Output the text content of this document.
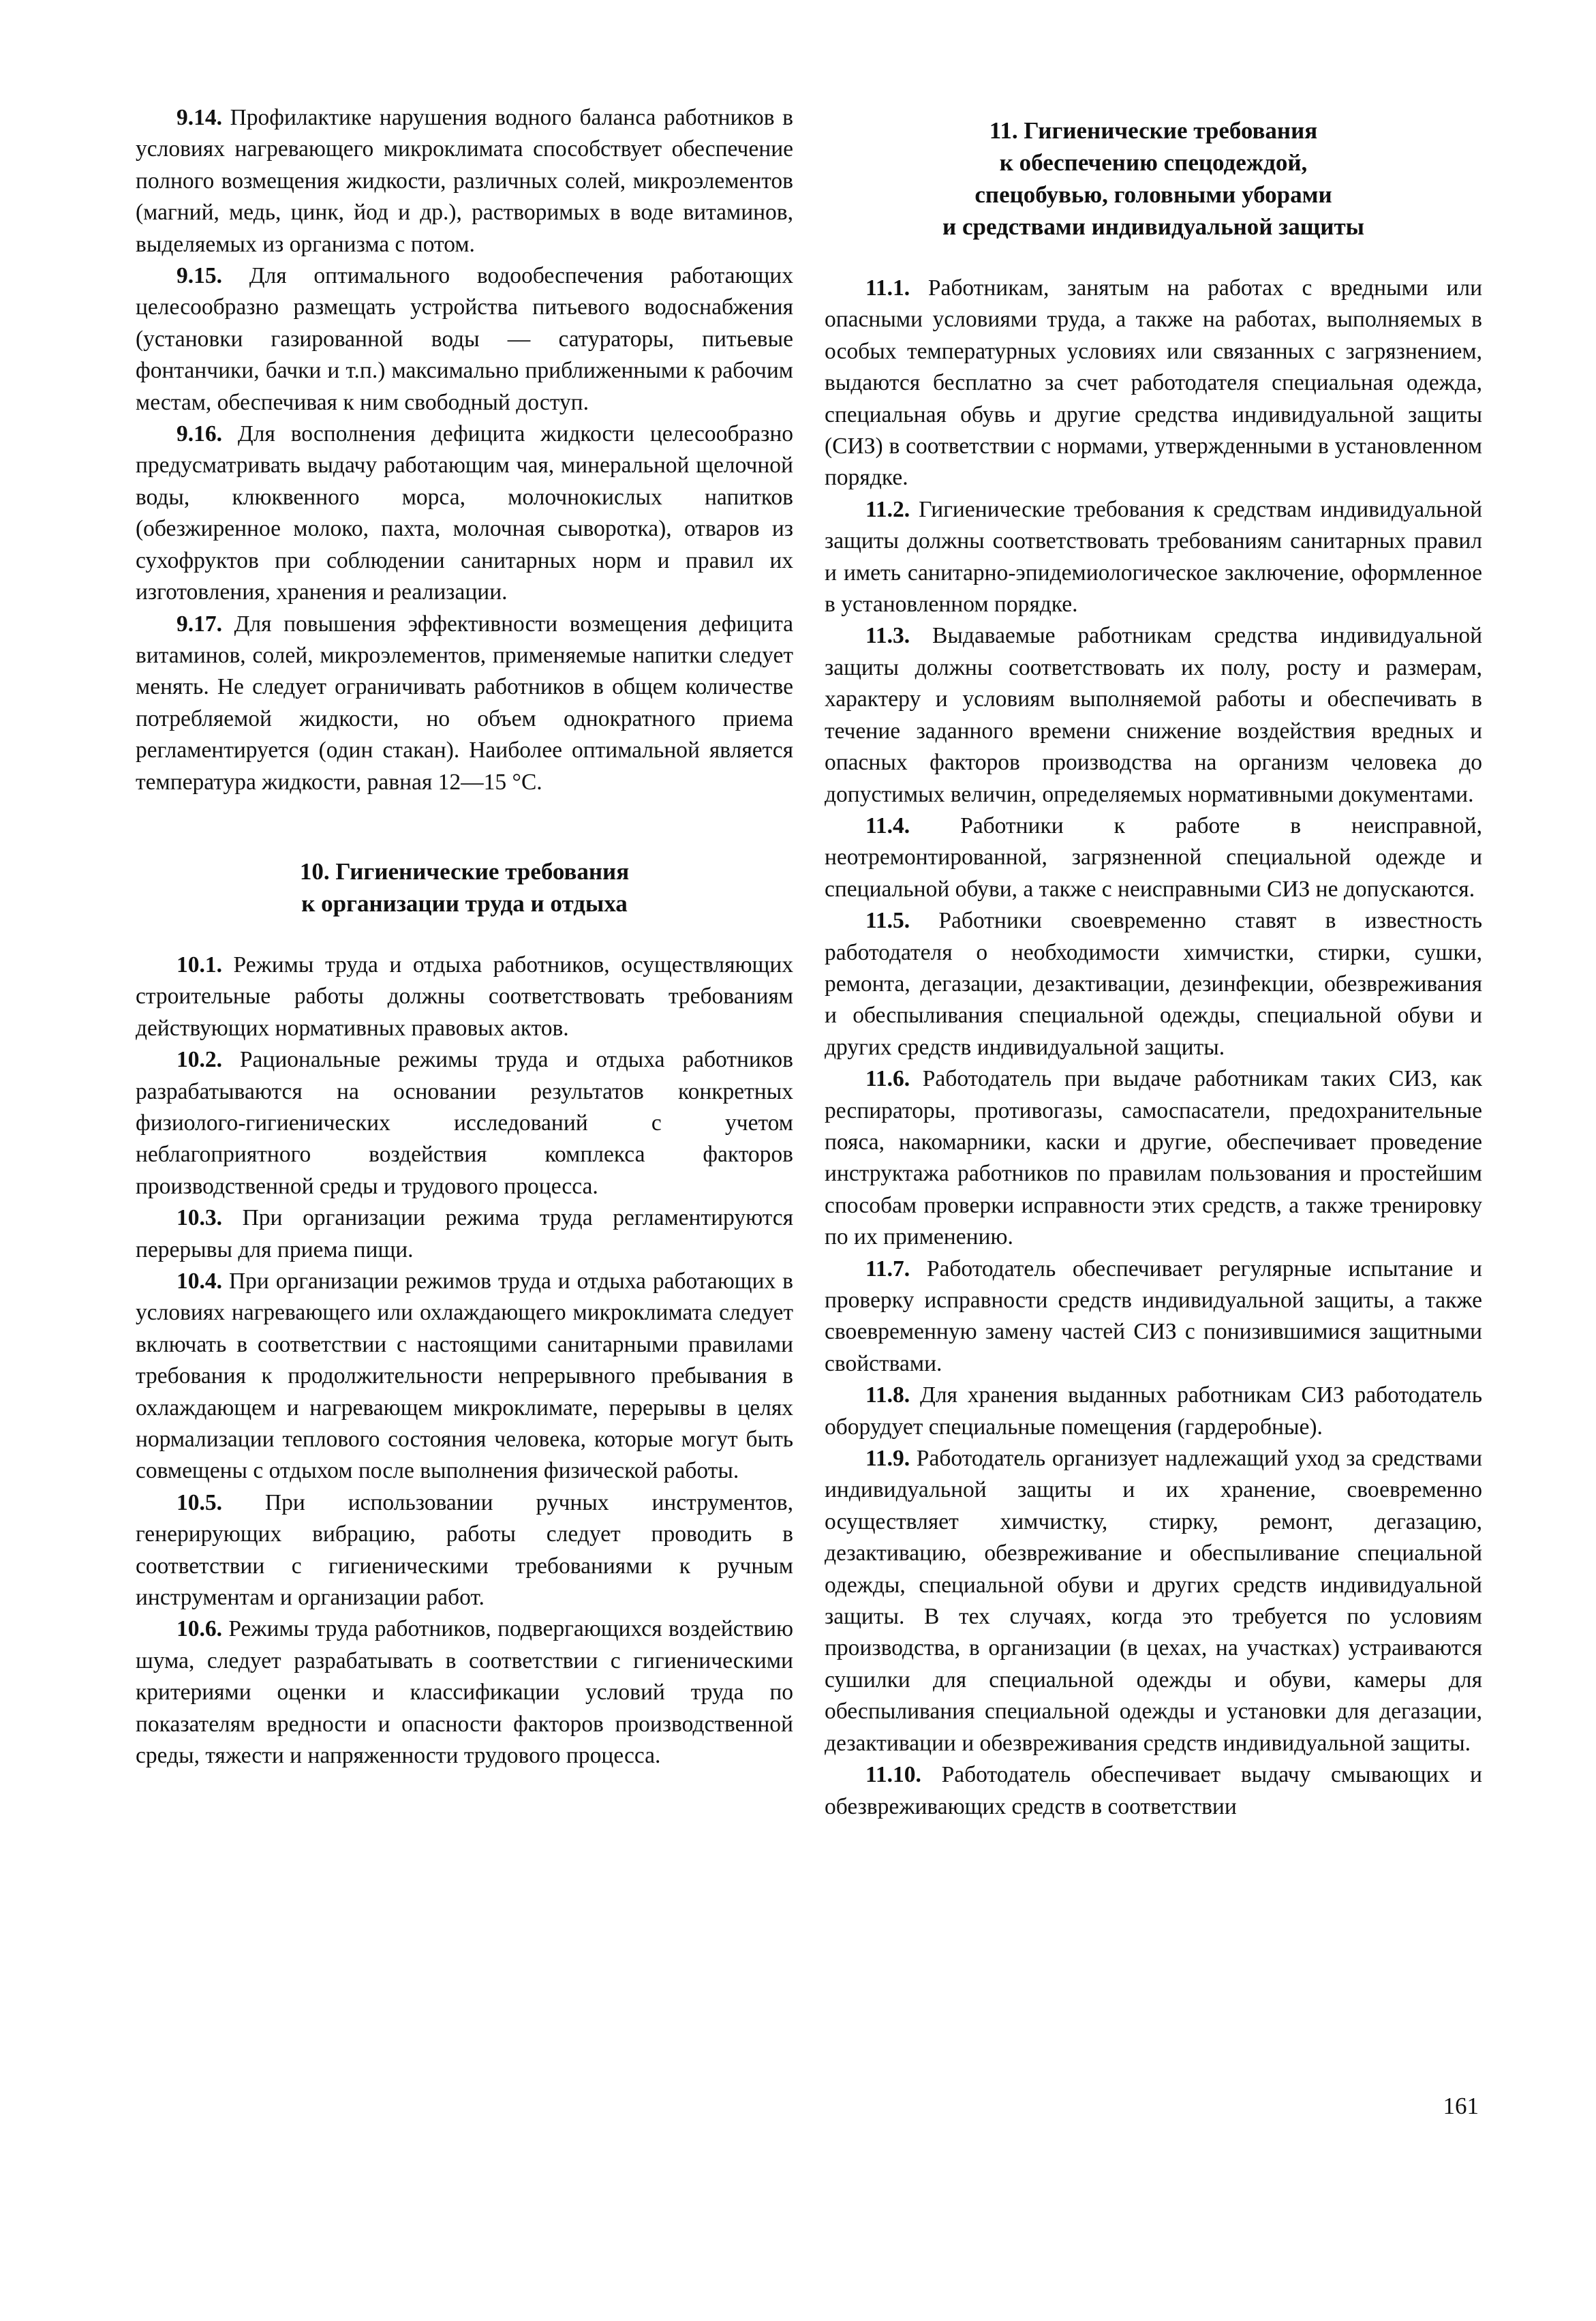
9.14. Профилактике нарушения водного баланса работников в условиях нагревающего микроклимата способствует обеспечение полного возмещения жидкости, различных солей, микроэлементов (магний, медь, цинк, йод и др.), растворимых в воде витаминов, выделяемых из организма с потом.

9.15. Для оптимального водообеспечения работающих целесообразно размещать устройства питьевого водоснабжения (установки газированной воды — сатураторы, питьевые фонтанчики, бачки и т.п.) максимально приближенными к рабочим местам, обеспечивая к ним свободный доступ.

9.16. Для восполнения дефицита жидкости целесообразно предусматривать выдачу работающим чая, минеральной щелочной воды, клюквенного морса, молочнокислых напитков (обезжиренное молоко, пахта, молочная сыворотка), отваров из сухофруктов при соблюдении санитарных норм и правил их изготовления, хранения и реализации.

9.17. Для повышения эффективности возмещения дефицита витаминов, солей, микроэлементов, применяемые напитки следует менять. Не следует ограничивать работников в общем количестве потребляемой жидкости, но объем однократного приема регламентируется (один стакан). Наиболее оптимальной является температура жидкости, равная 12—15 °С.

10. Гигиенические требования
к организации труда и отдыха

10.1. Режимы труда и отдыха работников, осуществляющих строительные работы должны соответствовать требованиям действующих нормативных правовых актов.

10.2. Рациональные режимы труда и отдыха работников разрабатываются на основании результатов конкретных физиолого-гигиенических исследований с учетом неблагоприятного воздействия комплекса факторов производственной среды и трудового процесса.

10.3. При организации режима труда регламентируются перерывы для приема пищи.

10.4. При организации режимов труда и отдыха работающих в условиях нагревающего или охлаждающего микроклимата следует включать в соответствии с настоящими санитарными правилами требования к продолжительности непрерывного пребывания в охлаждающем и нагревающем микроклимате, перерывы в целях нормализации теплового состояния человека, которые могут быть совмещены с отдыхом после выполнения физической работы.

10.5. При использовании ручных инструментов, генерирующих вибрацию, работы следует проводить в соответствии с гигиеническими требованиями к ручным инструментам и организации работ.

10.6. Режимы труда работников, подвергающихся воздействию шума, следует разрабатывать в соответствии с гигиеническими критериями оценки и классификации условий труда по показателям вредности и опасности факторов производственной среды, тяжести и напряженности трудового процесса.

11. Гигиенические требования
к обеспечению спецодеждой,
спецобувью, головными уборами
и средствами индивидуальной защиты

11.1. Работникам, занятым на работах с вредными или опасными условиями труда, а также на работах, выполняемых в особых температурных условиях или связанных с загрязнением, выдаются бесплатно за счет работодателя специальная одежда, специальная обувь и другие средства индивидуальной защиты (СИЗ) в соответствии с нормами, утвержденными в установленном порядке.

11.2. Гигиенические требования к средствам индивидуальной защиты должны соответствовать требованиям санитарных правил и иметь санитарно-эпидемиологическое заключение, оформленное в установленном порядке.

11.3. Выдаваемые работникам средства индивидуальной защиты должны соответствовать их полу, росту и размерам, характеру и условиям выполняемой работы и обеспечивать в течение заданного времени снижение воздействия вредных и опасных факторов производства на организм человека до допустимых величин, определяемых нормативными документами.

11.4. Работники к работе в неисправной, неотремонтированной, загрязненной специальной одежде и специальной обуви, а также с неисправными СИЗ не допускаются.

11.5. Работники своевременно ставят в известность работодателя о необходимости химчистки, стирки, сушки, ремонта, дегазации, дезактивации, дезинфекции, обезвреживания и обеспыливания специальной одежды, специальной обуви и других средств индивидуальной защиты.

11.6. Работодатель при выдаче работникам таких СИЗ, как респираторы, противогазы, самоспасатели, предохранительные пояса, накомарники, каски и другие, обеспечивает проведение инструктажа работников по правилам пользования и простейшим способам проверки исправности этих средств, а также тренировку по их применению.

11.7. Работодатель обеспечивает регулярные испытание и проверку исправности средств индивидуальной защиты, а также своевременную замену частей СИЗ с понизившимися защитными свойствами.

11.8. Для хранения выданных работникам СИЗ работодатель оборудует специальные помещения (гардеробные).

11.9. Работодатель организует надлежащий уход за средствами индивидуальной защиты и их хранение, своевременно осуществляет химчистку, стирку, ремонт, дегазацию, дезактивацию, обезвреживание и обеспыливание специальной одежды, специальной обуви и других средств индивидуальной защиты. В тех случаях, когда это требуется по условиям производства, в организации (в цехах, на участках) устраиваются сушилки для специальной одежды и обуви, камеры для обеспыливания специальной одежды и установки для дегазации, дезактивации и обезвреживания средств индивидуальной защиты.

11.10. Работодатель обеспечивает выдачу смывающих и обезвреживающих средств в соответствии

161
